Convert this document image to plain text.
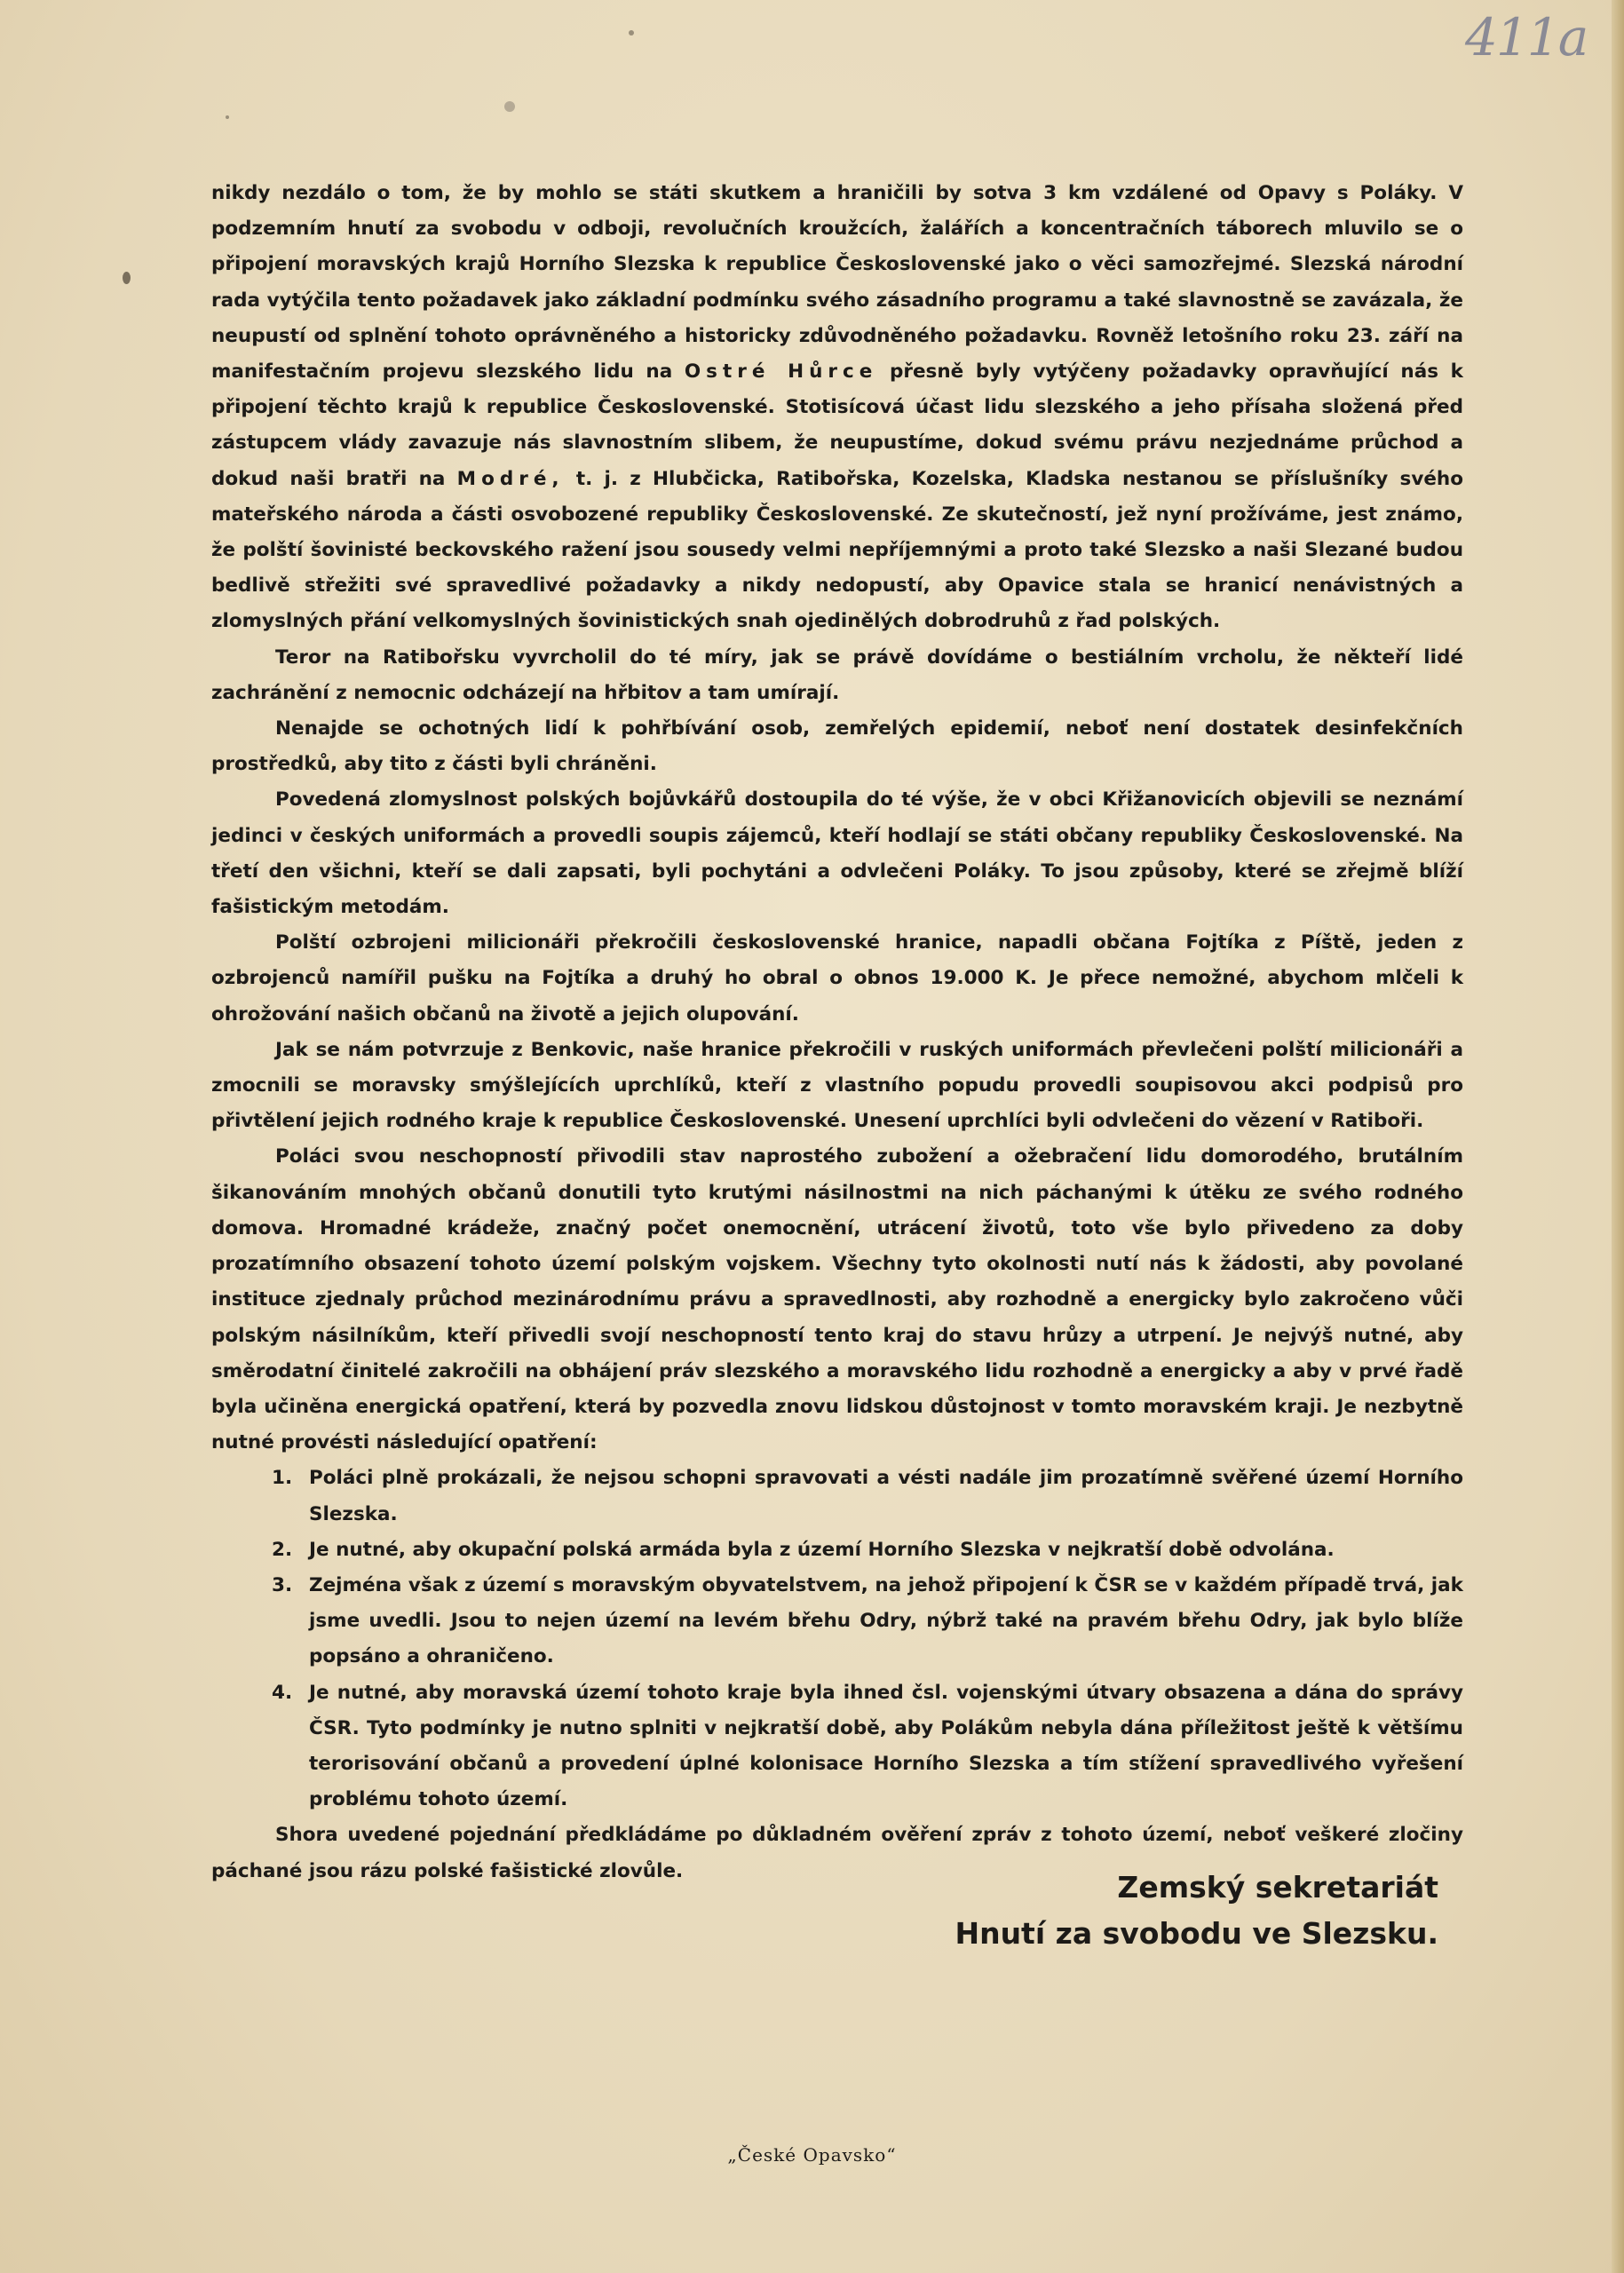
411a

nikdy nezdálo o tom, že by mohlo se státi skutkem a hraničili by sotva 3 km vzdálené od Opavy s Poláky. V podzemním hnutí za svobodu v odboji, revolučních kroužcích, žalářích a koncentračních táborech mluvilo se o připojení moravských krajů Horního Slezska k republice Československé jako o věci samozřejmé. Slezská národní rada vytýčila tento požadavek jako základní podmínku svého zásadního programu a také slavnostně se zavázala, že neupustí od splnění tohoto oprávněného a historicky zdůvodněného požadavku. Rovněž letošního roku 23. září na manifestačním projevu slezského lidu na Ostré Hůrce přesně byly vytýčeny požadavky opravňující nás k připojení těchto krajů k republice Československé. Stotisícová účast lidu slezského a jeho přísaha složená před zástupcem vlády zavazuje nás slavnostním slibem, že neupustíme, dokud svému právu nezjednáme průchod a dokud naši bratři na Modré, t. j. z Hlubčicka, Ratibořska, Kozelska, Kladska nestanou se příslušníky svého mateřského národa a části osvobozené republiky Československé. Ze skutečností, jež nyní prožíváme, jest známo, že polští šovinisté beckovského ražení jsou sousedy velmi nepříjemnými a proto také Slezsko a naši Slezané budou bedlivě střežiti své spravedlivé požadavky a nikdy nedopustí, aby Opavice stala se hranicí nenávistných a zlomyslných přání velkomyslných šovinistických snah ojedinělých dobrodruhů z řad polských.

Teror na Ratibořsku vyvrcholil do té míry, jak se právě dovídáme o bestiálním vrcholu, že někteří lidé zachránění z nemocnic odcházejí na hřbitov a tam umírají.

Nenajde se ochotných lidí k pohřbívání osob, zemřelých epidemií, neboť není dostatek desinfekčních prostředků, aby tito z části byli chráněni.

Povedená zlomyslnost polských bojůvkářů dostoupila do té výše, že v obci Křižanovicích objevili se neznámí jedinci v českých uniformách a provedli soupis zájemců, kteří hodlají se státi občany republiky Československé. Na třetí den všichni, kteří se dali zapsati, byli pochytáni a odvlečeni Poláky. To jsou způsoby, které se zřejmě blíží fašistickým metodám.

Polští ozbrojeni milicionáři překročili československé hranice, napadli občana Fojtíka z Píště, jeden z ozbrojenců namířil pušku na Fojtíka a druhý ho obral o obnos 19.000 K. Je přece nemožné, abychom mlčeli k ohrožování našich občanů na životě a jejich olupování.

Jak se nám potvrzuje z Benkovic, naše hranice překročili v ruských uniformách převlečeni polští milicionáři a zmocnili se moravsky smýšlejících uprchlíků, kteří z vlastního popudu provedli soupisovou akci podpisů pro přivtělení jejich rodného kraje k republice Československé. Unesení uprchlíci byli odvlečeni do vězení v Ratiboři.

Poláci svou neschopností přivodili stav naprostého zubožení a ožebračení lidu domorodého, brutálním šikanováním mnohých občanů donutili tyto krutými násilnostmi na nich páchanými k útěku ze svého rodného domova. Hromadné krádeže, značný počet onemocnění, utrácení životů, toto vše bylo přivedeno za doby prozatímního obsazení tohoto území polským vojskem. Všechny tyto okolnosti nutí nás k žádosti, aby povolané instituce zjednaly průchod mezinárodnímu právu a spravedlnosti, aby rozhodně a energicky bylo zakročeno vůči polským násilníkům, kteří přivedli svojí neschopností tento kraj do stavu hrůzy a utrpení. Je nejvýš nutné, aby směrodatní činitelé zakročili na obhájení práv slezského a moravského lidu rozhodně a energicky a aby v prvé řadě byla učiněna energická opatření, která by pozvedla znovu lidskou důstojnost v tomto moravském kraji. Je nezbytně nutné provésti následující opatření:

1. Poláci plně prokázali, že nejsou schopni spravovati a vésti nadále jim prozatímně svěřené území Horního Slezska.
2. Je nutné, aby okupační polská armáda byla z území Horního Slezska v nejkratší době odvolána.
3. Zejména však z území s moravským obyvatelstvem, na jehož připojení k ČSR se v každém případě trvá, jak jsme uvedli. Jsou to nejen území na levém břehu Odry, nýbrž také na pravém břehu Odry, jak bylo blíže popsáno a ohraničeno.
4. Je nutné, aby moravská území tohoto kraje byla ihned čsl. vojenskými útvary obsazena a dána do správy ČSR. Tyto podmínky je nutno splniti v nejkratší době, aby Polákům nebyla dána příležitost ještě k většímu terorisování občanů a provedení úplné kolonisace Horního Slezska a tím stížení spravedlivého vyřešení problému tohoto území.

Shora uvedené pojednání předkládáme po důkladném ověření zpráv z tohoto území, neboť veškeré zločiny páchané jsou rázu polské fašistické zlovůle.	Zemský sekretariát
Hnutí za svobodu ve Slezsku.
„České Opavsko“
